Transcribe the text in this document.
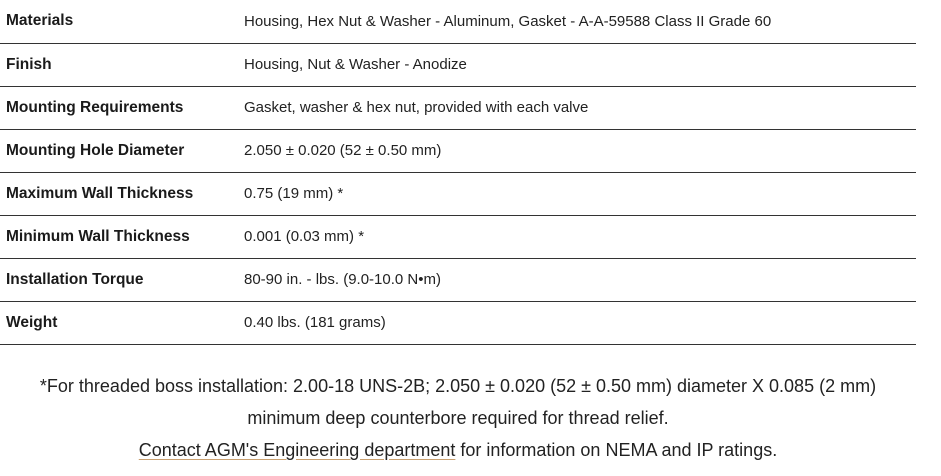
Materials	Housing, Hex Nut & Washer - Aluminum, Gasket - A-A-59588 Class II Grade 60
Finish	Housing, Nut & Washer - Anodize
Mounting Requirements	Gasket, washer & hex nut, provided with each valve
Mounting Hole Diameter	2.050 ± 0.020 (52 ± 0.50 mm)
Maximum Wall Thickness	0.75 (19 mm) *
Minimum Wall Thickness	0.001 (0.03 mm) *
Installation Torque	80-90 in. - lbs. (9.0-10.0 N•m)
Weight	0.40 lbs. (181 grams)
*For threaded boss installation: 2.00-18 UNS-2B; 2.050 ± 0.020 (52 ± 0.50 mm) diameter X 0.085 (2 mm)
minimum deep counterbore required for thread relief.
Contact AGM's Engineering department for information on NEMA and IP ratings.
